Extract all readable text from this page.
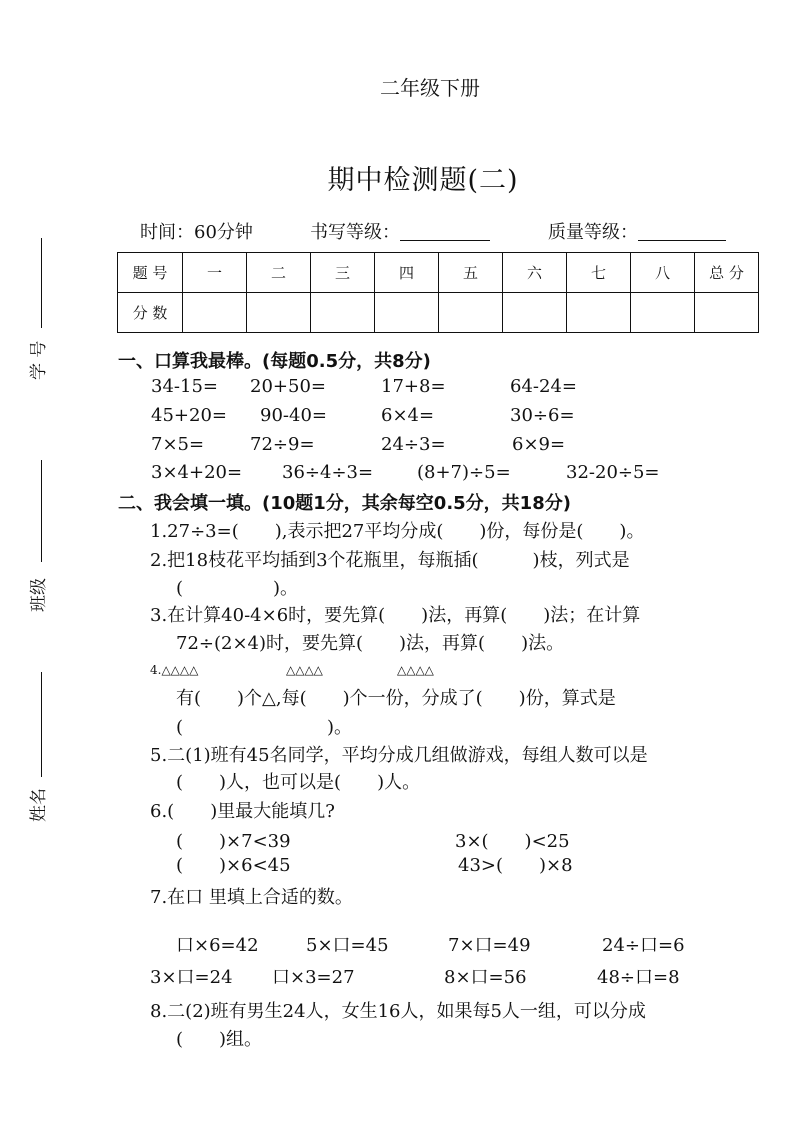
学 号
班级
姓名
二年级下册
期中检测题(二)
时间：60分钟	书写等级：	质量等级：
题 号	一	二	三	四	五	六	七	八	总 分
分 数									
一、口算我最棒。(每题0.5分，共8分)
34-15= 20+50=	17+8=	64-24=
45+20= 90-40=	6×4=	30÷6=
7×5=	72÷9=	24÷3=	6×9=
3×4+20= 36÷4÷3= (8+7)÷5=	32-20÷5=
二、我会填一填。(10题1分，其余每空0.5分，共18分)
1.27÷3=(　　),表示把27平均分成(　　)份，每份是(　　)。
2.把18枝花平均插到3个花瓶里，每瓶插(　　　)枝，列式是
(　　　　　)。
3.在计算40-4×6时，要先算(　　)法，再算(　　)法；在计算
72÷(2×4)时，要先算(　　)法，再算(　　)法。
4.△△△△	△△△△	△△△△
有(　　)个△,每(　　)个一份，分成了(　　)份，算式是
(　　　　　　　　)。
5.二(1)班有45名同学，平均分成几组做游戏，每组人数可以是
(　　)人，也可以是(　　)人。
6.(　　)里最大能填几?
(　　)×7<39	3×(　　)<25
(　　)×6<45	43>(　　)×8
7.在口 里填上合适的数。
口×6=42	5×口=45	7×口=49	24÷口=6
3×口=24 口×3=27	8×口=56	48÷口=8
8.二(2)班有男生24人，女生16人，如果每5人一组，可以分成
(　　)组。
